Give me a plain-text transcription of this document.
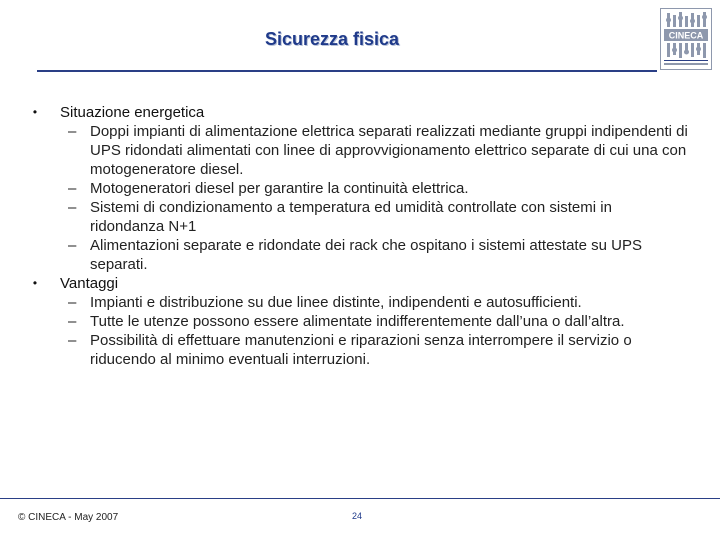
Sicurezza fisica	CINECA
• Situazione energetica
– Doppi impianti di alimentazione elettrica separati realizzati mediante gruppi indipendenti di UPS ridondati alimentati con linee di approvvigionamento elettrico separate di cui una con motogeneratore diesel.
– Motogeneratori diesel per garantire la continuità elettrica.
– Sistemi di condizionamento a temperatura ed umidità controllate con sistemi in ridondanza N+1
– Alimentazioni separate e ridondate dei rack che ospitano i sistemi attestate su UPS separati.
• Vantaggi
– Impianti e distribuzione su due linee distinte, indipendenti e autosufficienti.
– Tutte le utenze possono essere alimentate indifferentemente dall’una o dall’altra.
– Possibilità di effettuare manutenzioni e riparazioni senza interrompere il servizio o riducendo al minimo eventuali interruzioni.
© CINECA - May 2007	24
